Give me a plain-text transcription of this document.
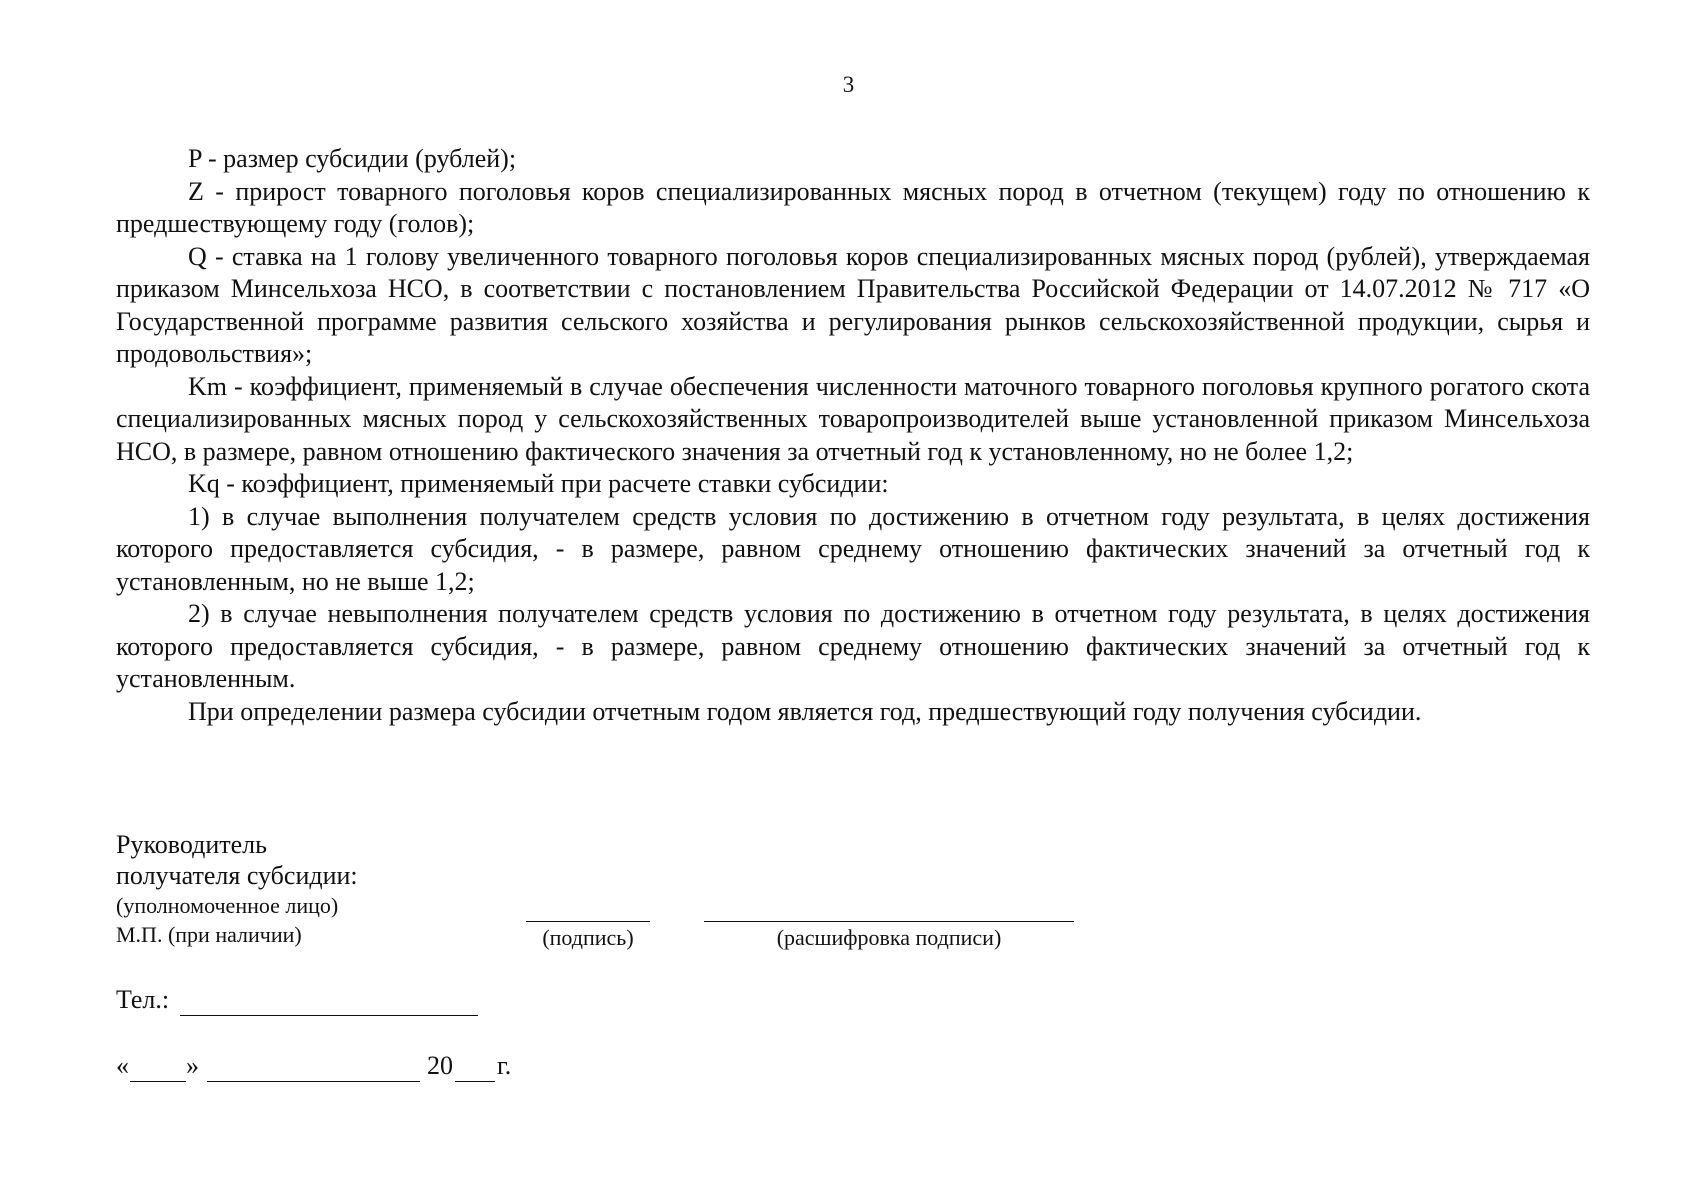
3

P - размер субсидии (рублей);

Z - прирост товарного поголовья коров специализированных мясных пород в отчетном (текущем) году по отношению к предшествующему году (голов);

Q - ставка на 1 голову увеличенного товарного поголовья коров специализированных мясных пород (рублей), утверждаемая приказом Минсельхоза НСО, в соответствии с постановлением Правительства Российской Федерации от 14.07.2012 № 717 «О Государственной программе развития сельского хозяйства и регулирования рынков сельскохозяйственной продукции, сырья и продовольствия»;

Km - коэффициент, применяемый в случае обеспечения численности маточного товарного поголовья крупного рогатого скота специализированных мясных пород у сельскохозяйственных товаропроизводителей выше установленной приказом Минсельхоза НСО, в размере, равном отношению фактического значения за отчетный год к установленному, но не более 1,2;

Kq - коэффициент, применяемый при расчете ставки субсидии:

1) в случае выполнения получателем средств условия по достижению в отчетном году результата, в целях достижения которого предоставляется субсидия, - в размере, равном среднему отношению фактических значений за отчетный год к установленным, но не выше 1,2;

2) в случае невыполнения получателем средств условия по достижению в отчетном году результата, в целях достижения которого предоставляется субсидия, - в размере, равном среднему отношению фактических значений за отчетный год к установленным.

При определении размера субсидии отчетным годом является год, предшествующий году получения субсидии.

Руководитель
получателя субсидии:
(уполномоченное лицо)
М.П. (при наличии)	(подпись)	(расшифровка подписи)
Тел.:
« »	20 г.
